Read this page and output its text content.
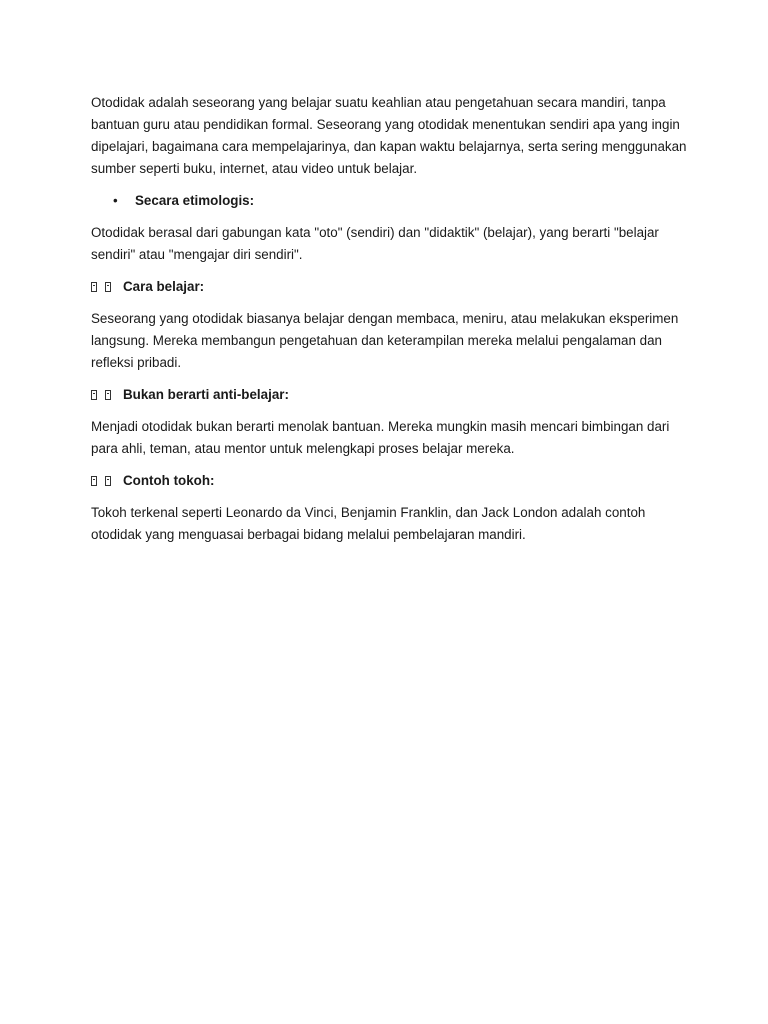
Otodidak adalah seseorang yang belajar suatu keahlian atau pengetahuan secara mandiri, tanpa bantuan guru atau pendidikan formal. Seseorang yang otodidak menentukan sendiri apa yang ingin dipelajari, bagaimana cara mempelajarinya, dan kapan waktu belajarnya, serta sering menggunakan sumber seperti buku, internet, atau video untuk belajar.

•	Secara etimologis:

Otodidak berasal dari gabungan kata "oto" (sendiri) dan "didaktik" (belajar), yang berarti "belajar sendiri" atau "mengajar diri sendiri".

Cara belajar:

Seseorang yang otodidak biasanya belajar dengan membaca, meniru, atau melakukan eksperimen langsung. Mereka membangun pengetahuan dan keterampilan mereka melalui pengalaman dan refleksi pribadi.

Bukan berarti anti-belajar:

Menjadi otodidak bukan berarti menolak bantuan. Mereka mungkin masih mencari bimbingan dari para ahli, teman, atau mentor untuk melengkapi proses belajar mereka.

Contoh tokoh:

Tokoh terkenal seperti Leonardo da Vinci, Benjamin Franklin, dan Jack London adalah contoh otodidak yang menguasai berbagai bidang melalui pembelajaran mandiri.
